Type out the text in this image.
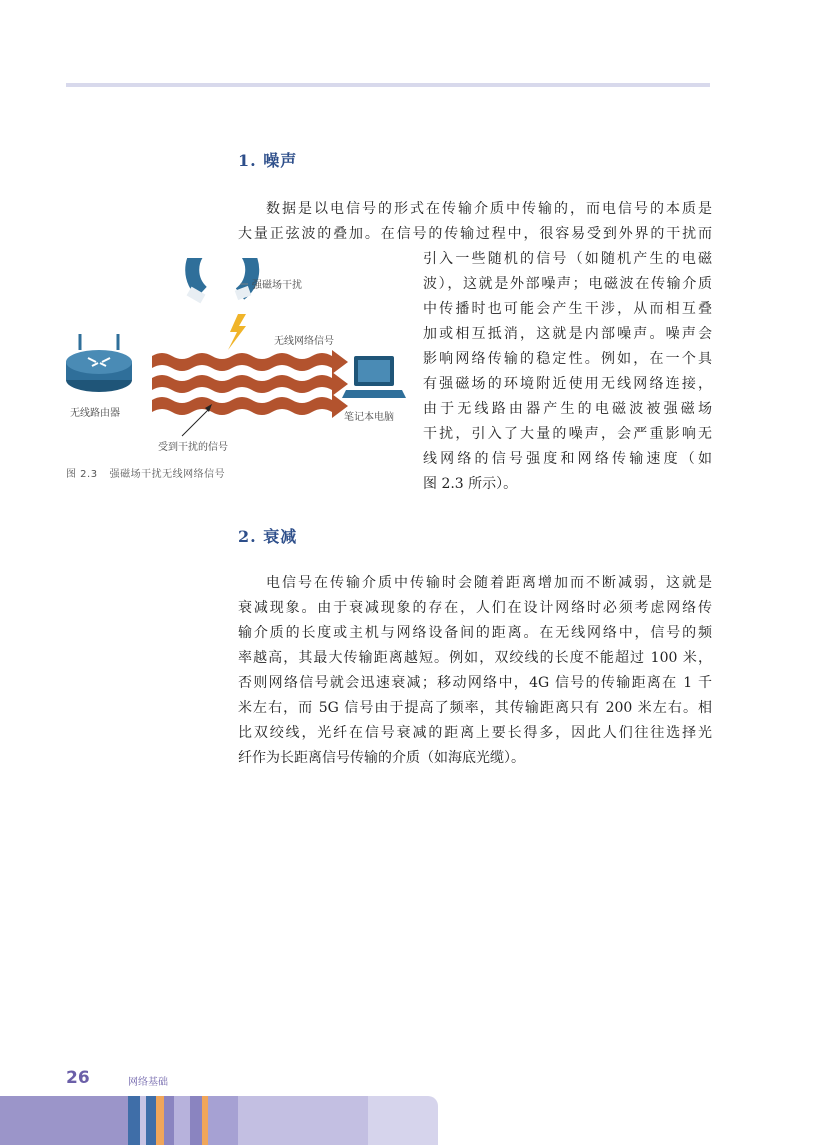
1. 噪声
数据是以电信号的形式在传输介质中传输的，而电信号的本质是
大量正弦波的叠加。在信号的传输过程中，很容易受到外界的干扰而
引入一些随机的信号（如随机产生的电磁
波），这就是外部噪声；电磁波在传输介质
中传播时也可能会产生干涉，从而相互叠
加或相互抵消，这就是内部噪声。噪声会
影响网络传输的稳定性。例如，在一个具
有强磁场的环境附近使用无线网络连接，
由于无线路由器产生的电磁波被强磁场
干扰，引入了大量的噪声，会严重影响无
线网络的信号强度和网络传输速度（如
图 2.3 所示）。
强磁场干扰
无线网络信号
无线路由器	笔记本电脑
受到干扰的信号
图 2.3 强磁场干扰无线网络信号
2. 衰减
电信号在传输介质中传输时会随着距离增加而不断减弱，这就是
衰减现象。由于衰减现象的存在，人们在设计网络时必须考虑网络传
输介质的长度或主机与网络设备间的距离。在无线网络中，信号的频
率越高，其最大传输距离越短。例如，双绞线的长度不能超过 100 米，
否则网络信号就会迅速衰减；移动网络中，4G 信号的传输距离在 1 千
米左右，而 5G 信号由于提高了频率，其传输距离只有 200 米左右。相
比双绞线，光纤在信号衰减的距离上要长得多，因此人们往往选择光
纤作为长距离信号传输的介质（如海底光缆）。
26	网络基础
